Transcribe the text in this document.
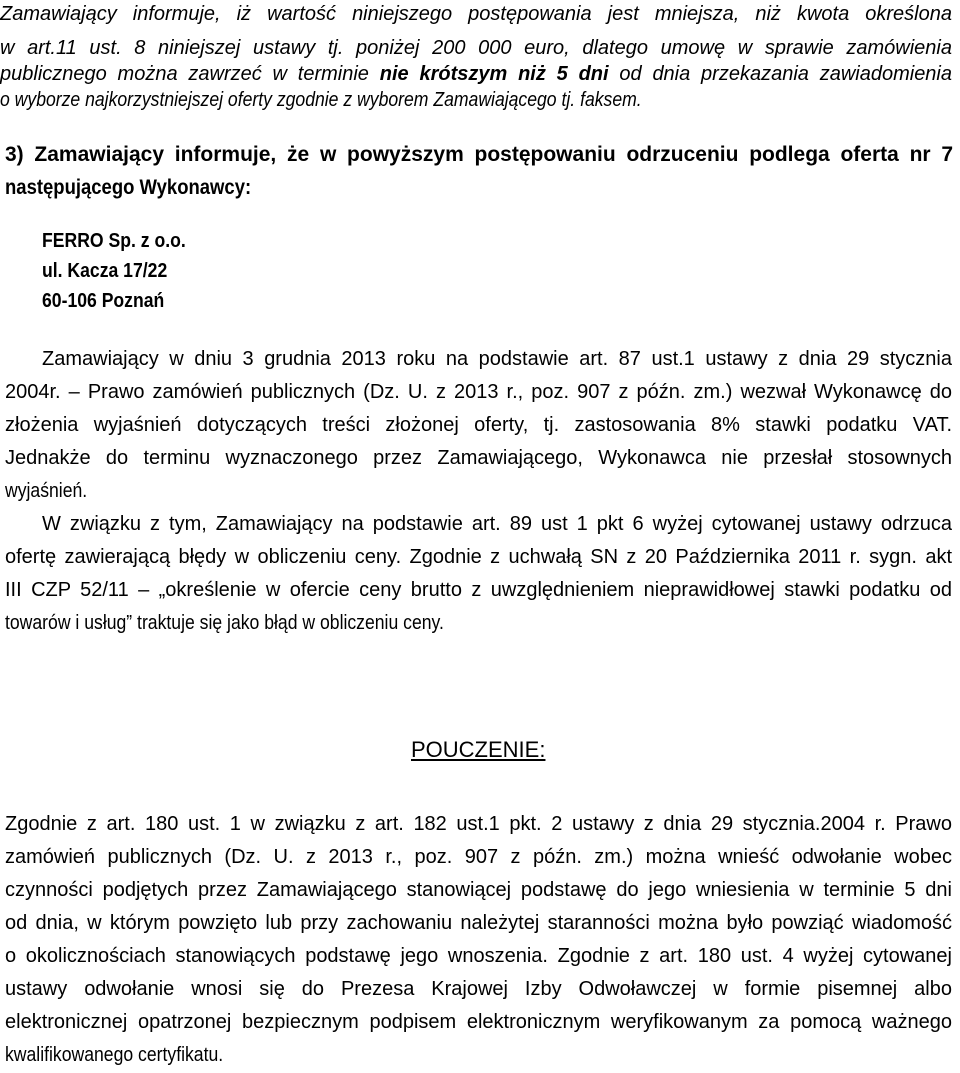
Zamawiający informuje, iż wartość niniejszego postępowania jest mniejsza, niż kwota określona
w art.11 ust. 8 niniejszej ustawy tj. poniżej 200 000 euro, dlatego umowę w sprawie zamówienia
publicznego można zawrzeć w terminie nie krótszym niż 5 dni od dnia przekazania zawiadomienia
o wyborze najkorzystniejszej oferty zgodnie z wyborem Zamawiającego tj. faksem.
3) Zamawiający informuje, że w powyższym postępowaniu odrzuceniu podlega oferta nr 7
następującego Wykonawcy:
FERRO Sp. z o.o.
ul. Kacza 17/22
60-106 Poznań
Zamawiający w dniu 3 grudnia 2013 roku na podstawie art. 87 ust.1 ustawy z dnia 29 stycznia
2004r. – Prawo zamówień publicznych (Dz. U. z 2013 r., poz. 907 z późn. zm.) wezwał Wykonawcę do
złożenia wyjaśnień dotyczących treści złożonej oferty, tj. zastosowania 8% stawki podatku VAT.
Jednakże do terminu wyznaczonego przez Zamawiającego, Wykonawca nie przesłał stosownych
wyjaśnień.
W związku z tym, Zamawiający na podstawie art. 89 ust 1 pkt 6 wyżej cytowanej ustawy odrzuca
ofertę zawierającą błędy w obliczeniu ceny. Zgodnie z uchwałą SN z 20 Października 2011 r. sygn. akt
III CZP 52/11 – „określenie w ofercie ceny brutto z uwzględnieniem nieprawidłowej stawki podatku od
towarów i usług” traktuje się jako błąd w obliczeniu ceny.
POUCZENIE:
Zgodnie z art. 180 ust. 1 w związku z art. 182 ust.1 pkt. 2 ustawy z dnia 29 stycznia.2004 r. Prawo
zamówień publicznych (Dz. U. z 2013 r., poz. 907 z późn. zm.) można wnieść odwołanie wobec
czynności podjętych przez Zamawiającego stanowiącej podstawę do jego wniesienia w terminie 5 dni
od dnia, w którym powzięto lub przy zachowaniu należytej staranności można było powziąć wiadomość
o okolicznościach stanowiących podstawę jego wnoszenia. Zgodnie z art. 180 ust. 4 wyżej cytowanej
ustawy odwołanie wnosi się do Prezesa Krajowej Izby Odwoławczej w formie pisemnej albo
elektronicznej opatrzonej bezpiecznym podpisem elektronicznym weryfikowanym za pomocą ważnego
kwalifikowanego certyfikatu.
